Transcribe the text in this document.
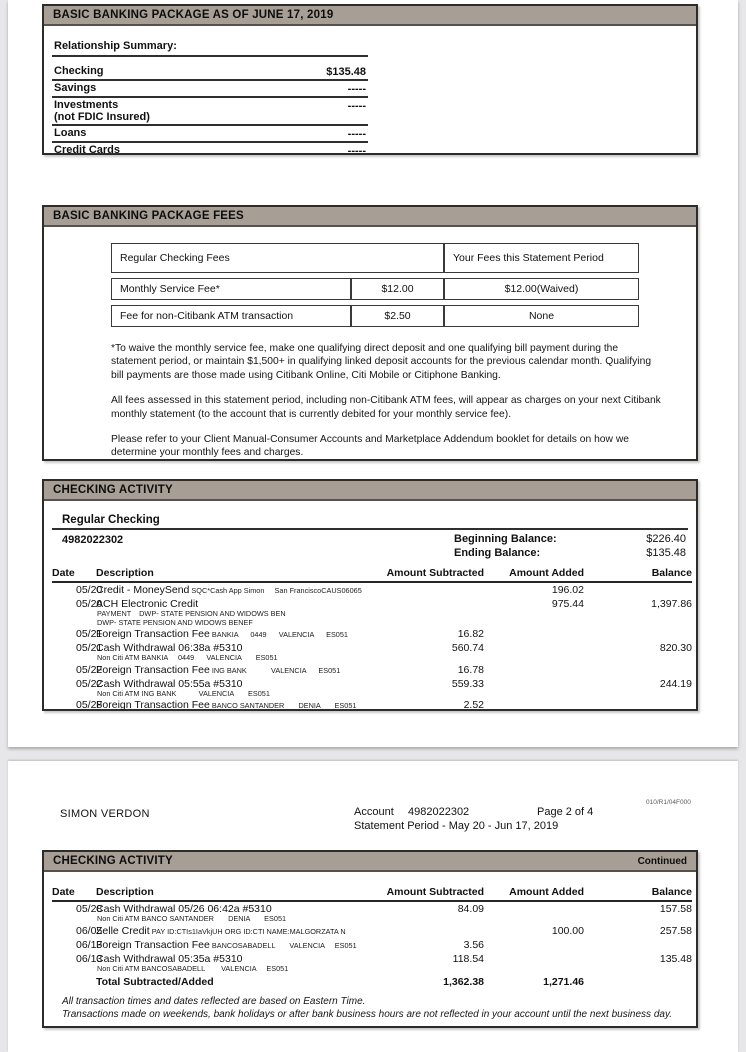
BASIC BANKING PACKAGE AS OF JUNE 17, 2019
Relationship Summary:
Checking	$135.48
Savings	-----
Investments
(not FDIC Insured)
-----
Loans	-----
Credit Cards	-----
BASIC BANKING PACKAGE FEES
Regular Checking Fees		Your Fees this Statement Period
Monthly Service Fee*	$12.00	$12.00(Waived)
Fee for non-Citibank ATM transaction	$2.50	None

*To waive the monthly service fee, make one qualifying direct deposit and one qualifying bill payment during the statement period, or maintain $1,500+ in qualifying linked deposit accounts for the previous calendar month. Qualifying bill payments are those made using Citibank Online, Citi Mobile or Citiphone Banking.

All fees assessed in this statement period, including non-Citibank ATM fees, will appear as charges on your next Citibank monthly statement (to the account that is currently debited for your monthly service fee).

Please refer to your Client Manual-Consumer Accounts and Marketplace Addendum booklet for details on how we determine your monthly fees and charges.

CHECKING ACTIVITY
Regular Checking
4982022302	Beginning Balance:	$226.40
Ending Balance:	$135.48
Date	Description	Amount Subtracted	Amount Added	Balance
05/20	Credit - MoneySend SQC*Cash App Simon     San FranciscoCAUS06065		196.02	
05/20	ACH Electronic Credit
PAYMENT    DWP- STATE PENSION AND WIDOWS BEN
DWP- STATE PENSION AND WIDOWS BENEF		975.44	1,397.86
05/21	Foreign Transaction Fee BANKIA      0449      VALENCIA      ES051	16.82		
05/21	Cash Withdrawal 06:38a #5310
Non Citi ATM BANKIA     0449      VALENCIA       ES051	560.74		820.30
05/22	Foreign Transaction Fee ING BANK            VALENCIA      ES051	16.78		
05/22	Cash Withdrawal 05:55a #5310
Non Citi ATM ING BANK           VALENCIA       ES051	559.33		244.19
05/28	Foreign Transaction Fee BANCO SANTANDER       DENIA       ES051	2.52		
SIMON VERDON	Account 4982022302	Page 2 of 4
Statement Period - May 20 - Jun 17, 2019
010/R1/04F000
CHECKING ACTIVITY	Continued
Date	Description	Amount Subtracted	Amount Added	Balance
05/28	Cash Withdrawal 05/26 06:42a #5310
Non Citi ATM BANCO SANTANDER       DENIA       ES051	84.09		157.58
06/05	Zelle Credit PAY ID:CTIs1IaVkjUH ORG ID:CTI NAME:MALGORZATA N		100.00	257.58
06/13	Foreign Transaction Fee BANCOSABADELL       VALENCIA     ES051	3.56		
06/13	Cash Withdrawal 05:35a #5310
Non Citi ATM BANCOSABADELL        VALENCIA     ES051	118.54		135.48
	Total Subtracted/Added	1,362.38	1,271.46	

All transaction times and dates reflected are based on Eastern Time.

Transactions made on weekends, bank holidays or after bank business hours are not reflected in your account until the next business day.
